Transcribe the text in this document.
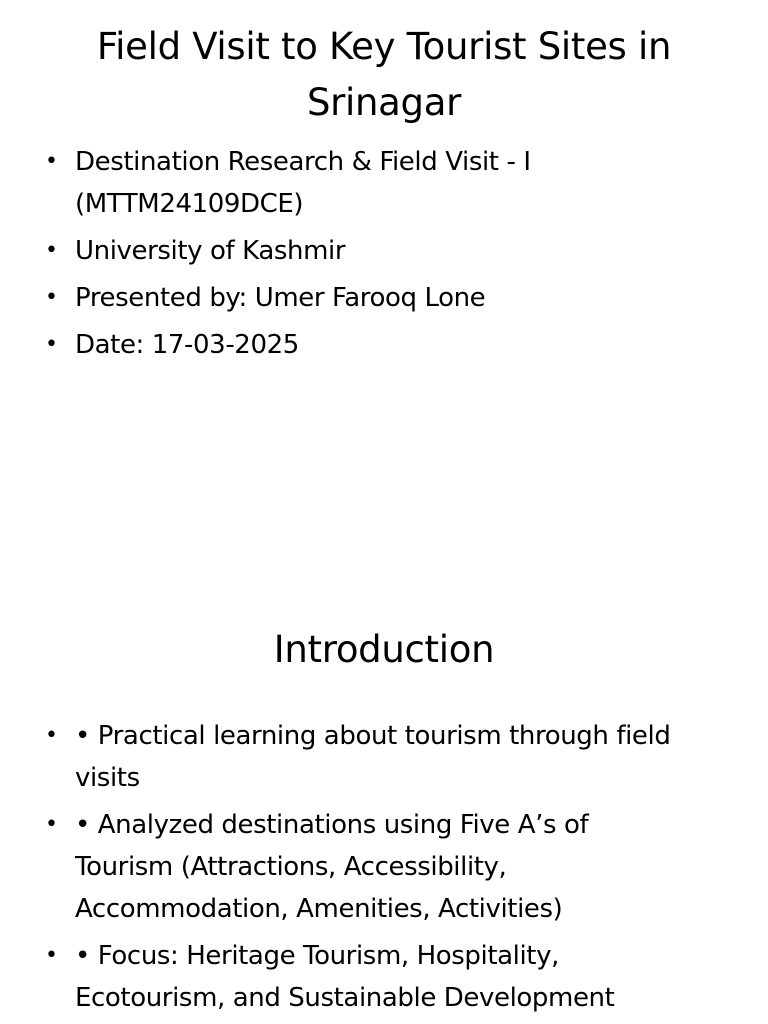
Field Visit to Key Tourist Sites in Srinagar
• Destination Research & Field Visit - I (MTTM24109DCE)
• University of Kashmir
• Presented by: Umer Farooq Lone
• Date: 17-03-2025
Introduction
• • Practical learning about tourism through field visits
• • Analyzed destinations using Five A’s of Tourism (Attractions, Accessibility, Accommodation, Amenities, Activities)
• • Focus: Heritage Tourism, Hospitality, Ecotourism, and Sustainable Development
